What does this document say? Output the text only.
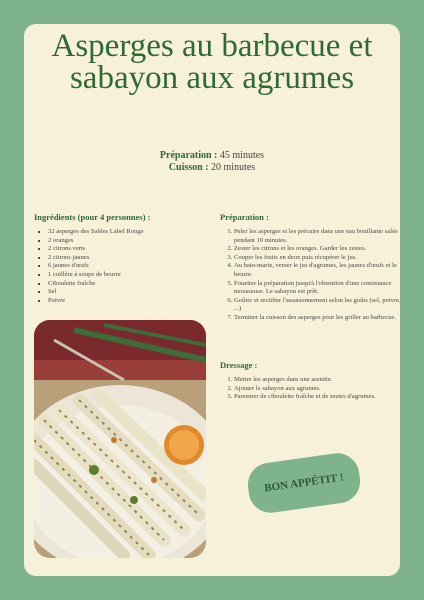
Asperges au barbecue et sabayon aux agrumes
Préparation : 45 minutes
Cuisson : 20 minutes
Ingrédients (pour 4 personnes) :
▪ 32 asperges des Sables Label Rouge
▪ 2 oranges
▪ 2 citrons verts
▪ 2 citrons jaunes
▪ 6 jaunes d'œufs
▪ 1 cuillère à soupe de beurre
▪ Ciboulette fraîche
▪ Sel
▪ Poivre
Préparation :
1. Peler les asperges et les précuire dans une eau bouillante salée pendant 10 minutes.
2. Zester les citrons et les oranges. Garder les zestes.
3. Couper les fruits en deux puis récupérer le jus.
4. Au bain-marie, verser le jus d'agrumes, les jaunes d'œufs et le beurre.
5. Fouetter la préparation jusqu'à l'obtention d'une consistance mousseuse. Le sabayon est prêt.
6. Goûter et rectifier l'assaisonnement selon les goûts (sel, poivre, ...)
7. Terminer la cuisson des asperges pour les griller au barbecue.
Dressage :
1. Mettre les asperges dans une assiette.
2. Ajouter le sabayon aux agrumes.
3. Parsemer de ciboulette fraîche et de zestes d'agrumes.
BON APPÉTIT !
